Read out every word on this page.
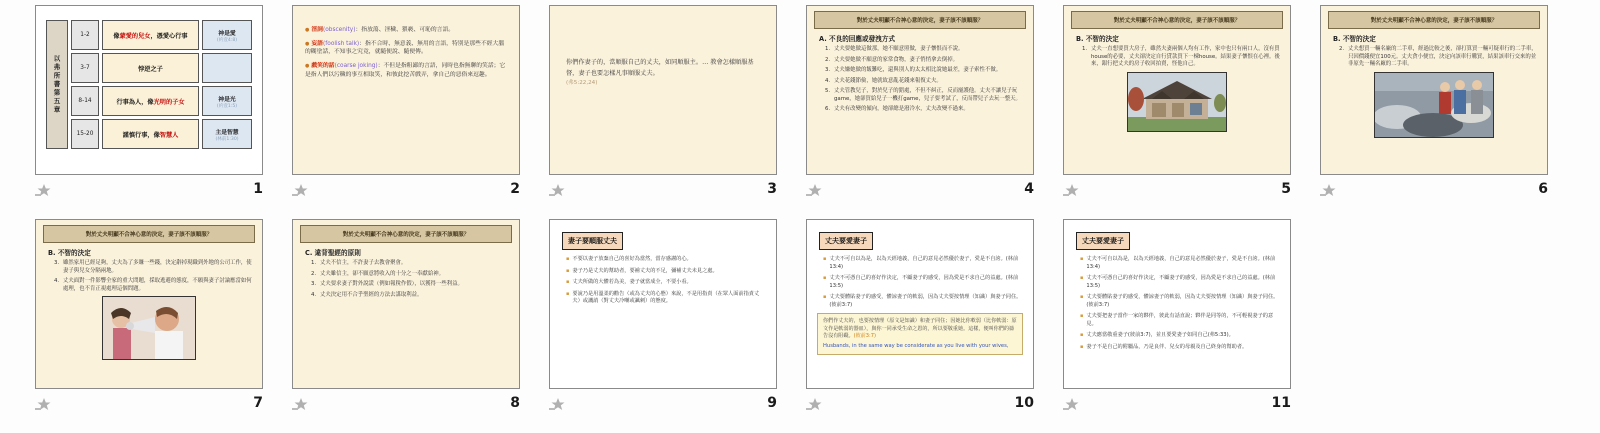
以弗所書第五章
1-2	像 蒙愛的兒女 ，憑愛心行事	神是愛
(約壹4:8)
3-7	悖逆之子
8-14	行事為人，像 光明的子女	神是光
(約壹1:5)
15-20	謹慎行事，像 智慧人	主是智慧
(林前1:30)
1
● 淫詞(obscenity)：指放蕩、淫穢、猥褻、可恥的言語。
● 妄語(foolish talk)：指不合時、無意義、無用的言語，特別是那些不經大腦的糊塗話，不知事之究竟，就隨便說、隨便傳。
● 戲笑的話(coarse joking)：不但是指粗鄙的言語，同時也指無聊的笑話；它是指人們以污穢的事互相取笑，和彼此挖苦戲弄，拿自己的惡俗來逗趣。
2
你們作妻子的，當順服自己的丈夫，如同順服主。… 教會怎樣順服基督，妻子也要怎樣凡事順服丈夫。
(弗5:22,24)
3
對於丈夫明顯不合神心意的決定，妻子該不該順服？
A. 不良的回應或發洩方式
1. 丈夫要她做這做那，她不願意照做，妻子懷恨而不說。
2. 丈夫要她做不願意的家常食物，妻子悄悄拿去倒掉。
3. 丈夫嫌她做的飯難吃，還與別人的太太相比說她最差，妻子索性不做。
4. 丈夫花錢節儉，她就故意亂花錢來報復丈夫。
5. 丈夫管教兒子，對於兒子的錯處，不但不糾正，反而寵護他。丈夫不讓兒子玩game，她卻買給兒子一機打game，兒子要考試了，反而帶兒子去玩一整天。
6. 丈夫有改變的傾向，她卻總是潑冷水，丈夫改變不過來。
4
對於丈夫明顯不合神心意的決定，妻子該不該順服？
B. 不智的決定
1. 丈夫一直想要買大房子，雖然夫妻兩個人均有工作，家中也只有兩口人，沒有買house的必要，丈夫卻決定自行貸款買下一棟house。結果妻子懷恨在心裡。後來，銀行把丈夫的房子收回拍賣，怪他自己。
5
對於丈夫明顯不合神心意的決定，妻子該不該順服？
B. 不智的決定
2. 丈夫想買一輛名廠的二手車，經過比較之後，卻打算買一輛可疑車行的二手車，只因價錢便宜100元。丈夫貪小便宜，決定向該車行購買，結果該車行交來的並非原先一輛名廠的二手車。
6
對於丈夫明顯不合神心意的決定，妻子該不該順服？
B. 不智的決定
3. 雖然家用已經足夠，丈夫為了多賺一些錢，決定辭掉現職到外地的公司工作，使妻子與兒女分隔兩地。
4. 丈夫面對一件影響全家的重大問題，採取逃避的態度，不願與妻子討論應當如何處理，也不肯正視處理這個問題。
7
對於丈夫明顯不合神心意的決定，妻子該不該順服？
C. 違背聖經的原則
1. 丈夫不信主，不許妻子去教會聚會。
2. 丈夫雖信主，卻不願意將收入的十分之一奉獻給神。
3. 丈夫要求妻子對外說謊（例如報稅作假），以獲得一些利益。
4. 丈夫決定用不合乎聖經的方法去謀取利益。
8
妻子要順服丈夫
▪ 不要以妻子放棄自己的喜好為當然，當存感謝的心。
▪ 妻子乃是丈夫的幫助者，要補丈夫的不足，彌補丈夫未見之處。
▪ 丈夫所做的大體若為美，妻子就當成全，不要小看。
▪ 要說乃是用溫柔的勸告（或為丈夫的心態）來說，不是用指責（在眾人面前指責丈夫）或譏誚（對丈夫冷嘲或諷刺）的態度。
9
丈夫要愛妻子
▪ 丈夫不可自以為是，以為天經地義，自己的意見必然優於妻子，愛是不自誇。(林前13:4)
▪ 丈夫不可憑自己的喜好作決定，不顧妻子的感受，因為愛是不求自己的益處。(林前13:5)
▪ 丈夫要體貼妻子的感受，體諒妻子的軟弱，因為丈夫要按情理（知識）與妻子同住。(彼前3:7)
你們作丈夫的，也要按情理（原文是知識）和妻子同住；因她比你軟弱（比你軟弱：原文作是軟弱的器皿），與你一同承受生命之恩的，所以要敬重她。這樣，便叫你們的禱告沒有阻礙。(彼前3:7)
Husbands, in the same way be considerate as you live with your wives,
10
丈夫要愛妻子
▪ 丈夫不可自以為是，以為天經地義，自己的意見必然優於妻子，愛是不自誇。(林前13:4)
▪ 丈夫不可憑自己的喜好作決定，不顧妻子的感受，因為愛是不求自己的益處。(林前13:5)
▪ 丈夫要體貼妻子的感受，體諒妻子的軟弱，因為丈夫要按情理（知識）與妻子同住。(彼前3:7)
▪ 丈夫要把妻子當作一家的夥伴，彼此有話直說；夥伴是同等的，不可輕視妻子的意見。
▪ 丈夫應當敬重妻子(彼前3:7)，並且要愛妻子如同自己(弗5:33)。
▪ 妻子不是自己的附屬品，乃是良伴、兒女的母親及自己終身的幫助者。
11
